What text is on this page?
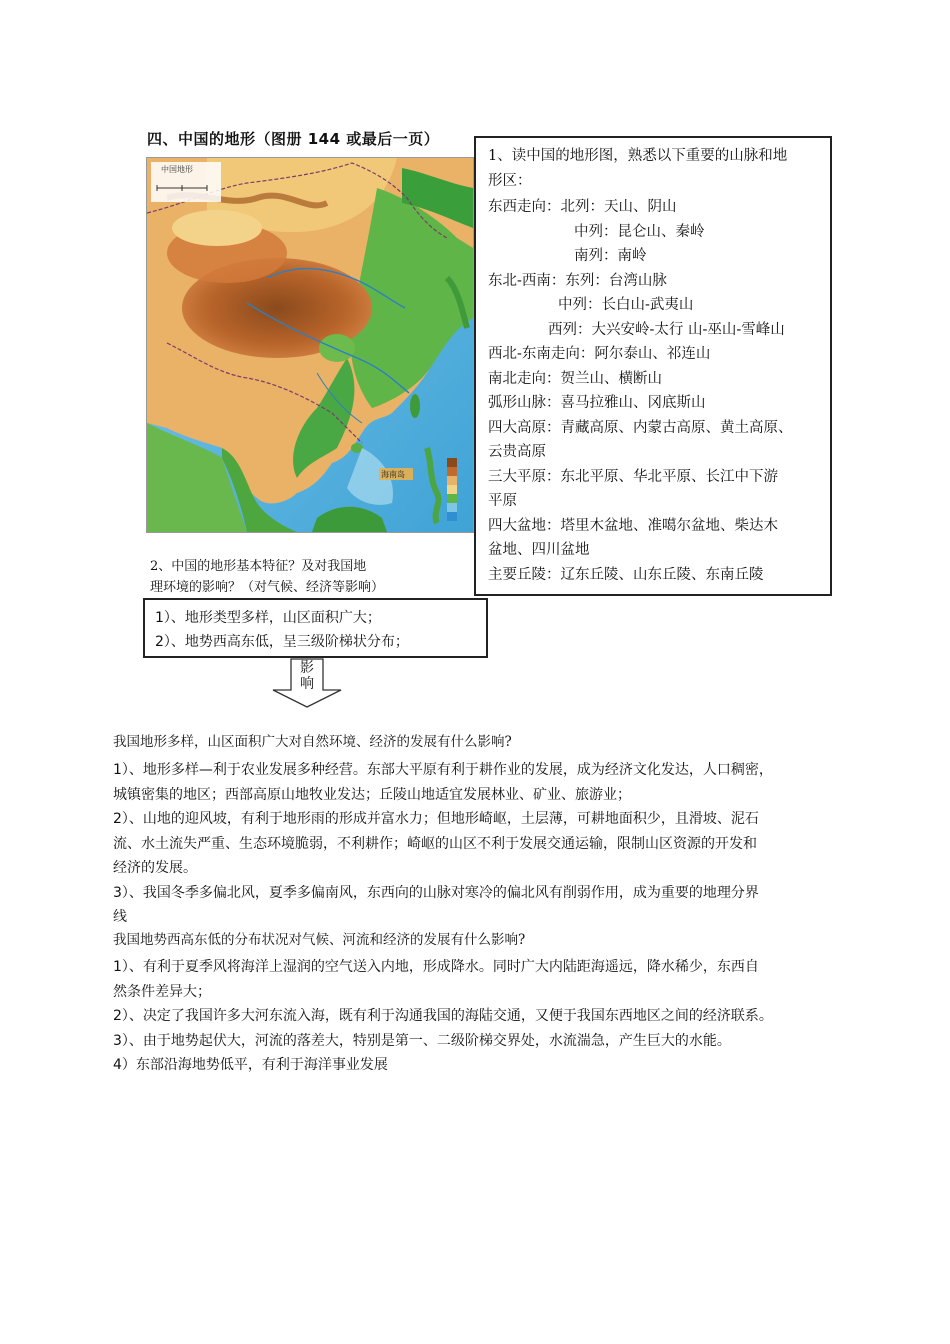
四、中国的地形（图册 144 或最后一页）
中国地形
海南岛
1、读中国的地形图，熟悉以下重要的山脉和地
形区：
东西走向：北列：天山、阴山
中列：昆仑山、秦岭
南列：南岭
东北-西南：东列：台湾山脉
中列：长白山-武夷山
西列：大兴安岭-太行 山-巫山-雪峰山
西北-东南走向：阿尔泰山、祁连山
南北走向：贺兰山、横断山
弧形山脉：喜马拉雅山、冈底斯山
四大高原：青藏高原、内蒙古高原、黄土高原、
云贵高原
三大平原：东北平原、华北平原、长江中下游
平原
四大盆地：塔里木盆地、准噶尔盆地、柴达木
盆地、四川盆地
主要丘陵：辽东丘陵、山东丘陵、东南丘陵
2、中国的地形基本特征？及对我国地
理环境的影响？（对气候、经济等影响）
1）、地形类型多样，山区面积广大；
2）、地势西高东低，呈三级阶梯状分布；
影
响
我国地形多样，山区面积广大对自然环境、经济的发展有什么影响?
1）、地形多样—利于农业发展多种经营。东部大平原有利于耕作业的发展，成为经济文化发达，人口稠密，
城镇密集的地区；西部高原山地牧业发达；丘陵山地适宜发展林业、矿业、旅游业；
2）、山地的迎风坡，有利于地形雨的形成并富水力；但地形崎岖，土层薄，可耕地面积少，且滑坡、泥石
流、水土流失严重、生态环境脆弱，不利耕作；崎岖的山区不利于发展交通运输，限制山区资源的开发和
经济的发展。
3）、我国冬季多偏北风，夏季多偏南风，东西向的山脉对寒冷的偏北风有削弱作用，成为重要的地理分界
线
我国地势西高东低的分布状况对气候、河流和经济的发展有什么影响?
1）、有利于夏季风将海洋上湿润的空气送入内地，形成降水。同时广大内陆距海遥远，降水稀少，东西自
然条件差异大；
2）、决定了我国许多大河东流入海，既有利于沟通我国的海陆交通，又便于我国东西地区之间的经济联系。
3）、由于地势起伏大，河流的落差大，特别是第一、二级阶梯交界处，水流湍急，产生巨大的水能。
4）东部沿海地势低平，有利于海洋事业发展
